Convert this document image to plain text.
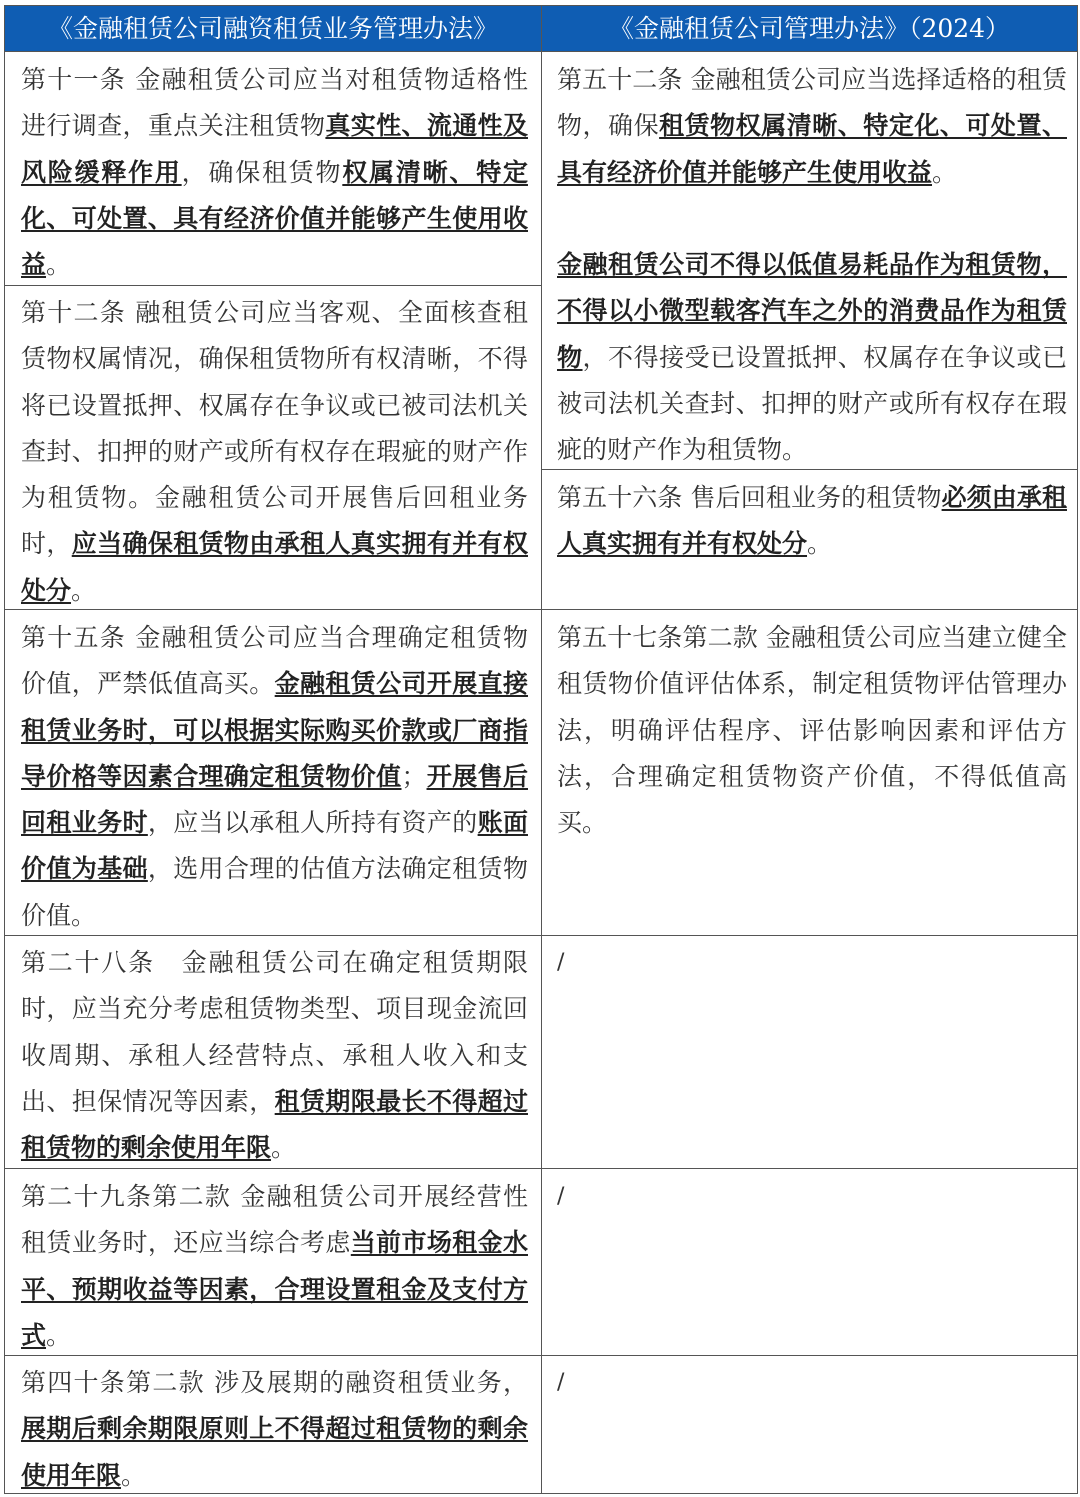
《金融租赁公司融资租赁业务管理办法》	《金融租赁公司管理办法》（2024）
第十一条 金融租赁公司应当对租赁物适格性进行调查，重点关注租赁物真实性、流通性及风险缓释作用，确保租赁物权属清晰、特定化、可处置、具有经济价值并能够产生使用收益。
第十二条 融租赁公司应当客观、全面核查租赁物权属情况，确保租赁物所有权清晰，不得将已设置抵押、权属存在争议或已被司法机关查封、扣押的财产或所有权存在瑕疵的财产作为租赁物。金融租赁公司开展售后回租业务时，应当确保租赁物由承租人真实拥有并有权处分。
第十五条 金融租赁公司应当合理确定租赁物价值，严禁低值高买。金融租赁公司开展直接租赁业务时，可以根据实际购买价款或厂商指导价格等因素合理确定租赁物价值；开展售后回租业务时，应当以承租人所持有资产的账面价值为基础，选用合理的估值方法确定租赁物价值。
第二十八条　金融租赁公司在确定租赁期限时，应当充分考虑租赁物类型、项目现金流回收周期、承租人经营特点、承租人收入和支出、担保情况等因素，租赁期限最长不得超过租赁物的剩余使用年限。
第二十九条第二款 金融租赁公司开展经营性租赁业务时，还应当综合考虑当前市场租金水平、预期收益等因素，合理设置租金及支付方式。
第四十条第二款 涉及展期的融资租赁业务，展期后剩余期限原则上不得超过租赁物的剩余使用年限。
第五十二条 金融租赁公司应当选择适格的租赁物，确保租赁物权属清晰、特定化、可处置、具有经济价值并能够产生使用收益。

金融租赁公司不得以低值易耗品作为租赁物，不得以小微型载客汽车之外的消费品作为租赁物，不得接受已设置抵押、权属存在争议或已被司法机关查封、扣押的财产或所有权存在瑕疵的财产作为租赁物。
第五十六条 售后回租业务的租赁物必须由承租人真实拥有并有权处分。
第五十七条第二款 金融租赁公司应当建立健全租赁物价值评估体系，制定租赁物评估管理办法，明确评估程序、评估影响因素和评估方法，合理确定租赁物资产价值，不得低值高买。
/
/
/
